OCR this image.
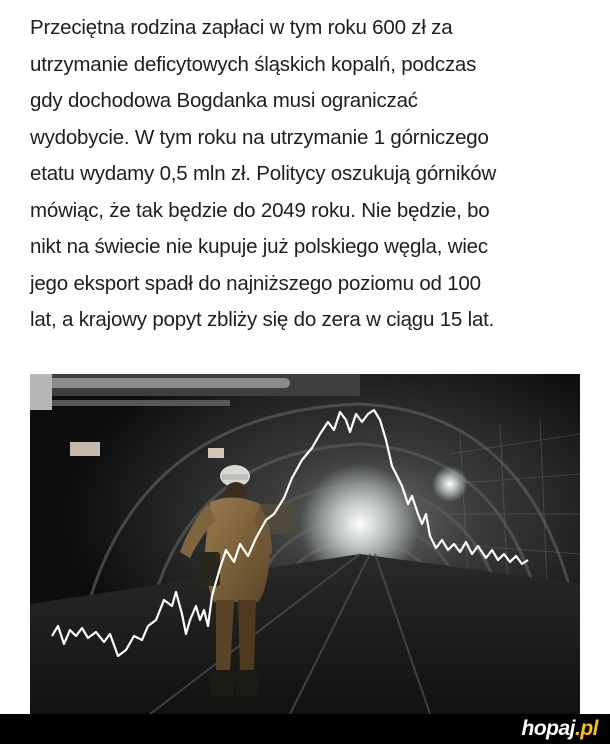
Przeciętna rodzina zapłaci w tym roku 600 zł za
utrzymanie deficytowych śląskich kopalń, podczas
gdy dochodowa Bogdanka musi ograniczać
wydobycie. W tym roku na utrzymanie 1 górniczego
etatu wydamy 0,5 mln zł. Politycy oszukują górników
mówiąc, że tak będzie do 2049 roku. Nie będzie, bo
nikt na świecie nie kupuje już polskiego węgla, wiec
jego eksport spadł do najniższego poziomu od 100
lat, a krajowy popyt zbliży się do zera w ciągu 15 lat.
hopaj.pl
